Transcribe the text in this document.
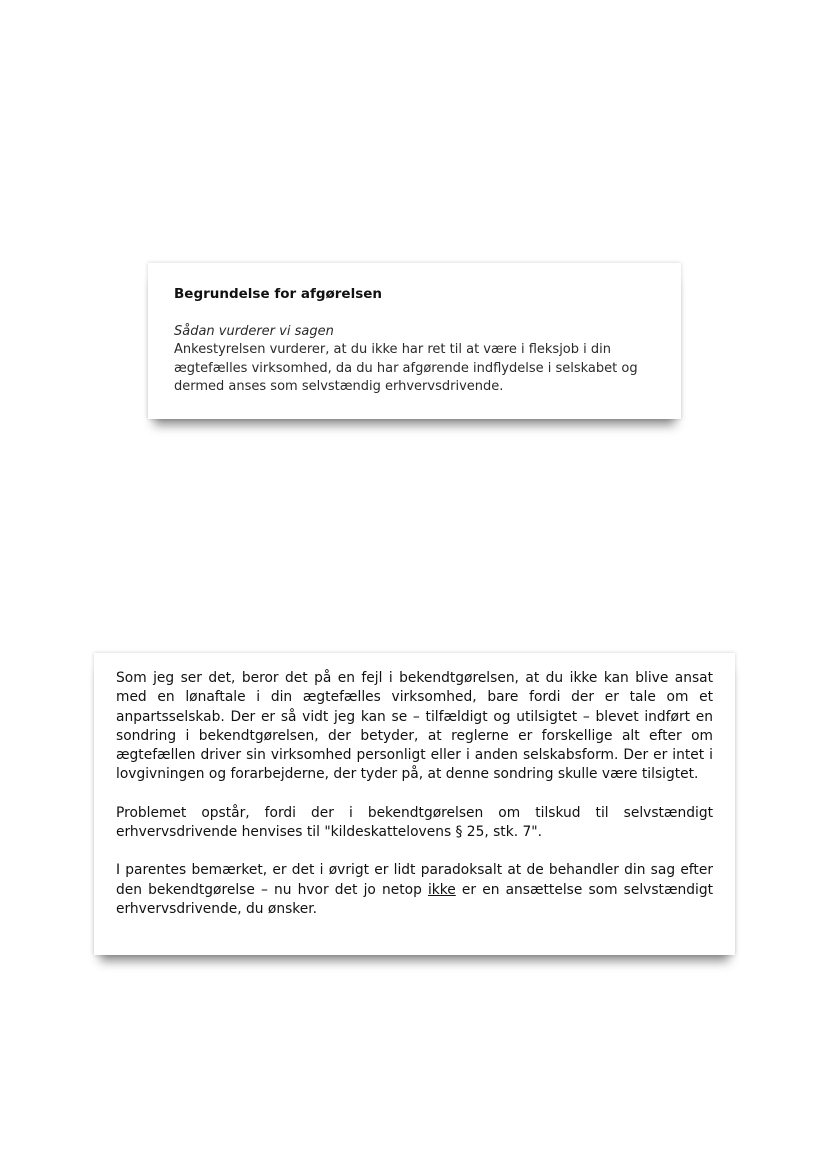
Begrundelse for afgørelsen

Sådan vurderer vi sagen

Ankestyrelsen vurderer, at du ikke har ret til at være i fleksjob i din ægtefælles virksomhed, da du har afgørende indflydelse i selskabet og dermed anses som selvstændig erhvervsdrivende.

Som jeg ser det, beror det på en fejl i bekendtgørelsen, at du ikke kan blive ansat med en lønaftale i din ægtefælles virksomhed, bare fordi der er tale om et anpartsselskab. Der er så vidt jeg kan se – tilfældigt og utilsigtet – blevet indført en sondring i bekendtgørelsen, der betyder, at reglerne er forskellige alt efter om ægtefællen driver sin virksomhed personligt eller i anden selskabsform. Der er intet i lovgivningen og forarbejderne, der tyder på, at denne sondring skulle være tilsigtet.

Problemet opstår, fordi der i bekendtgørelsen om tilskud til selvstændigt erhvervsdrivende henvises til "kildeskattelovens § 25, stk. 7".

I parentes bemærket, er det i øvrigt er lidt paradoksalt at de behandler din sag efter den bekendtgørelse – nu hvor det jo netop ikke er en ansættelse som selvstændigt erhvervsdrivende, du ønsker.
